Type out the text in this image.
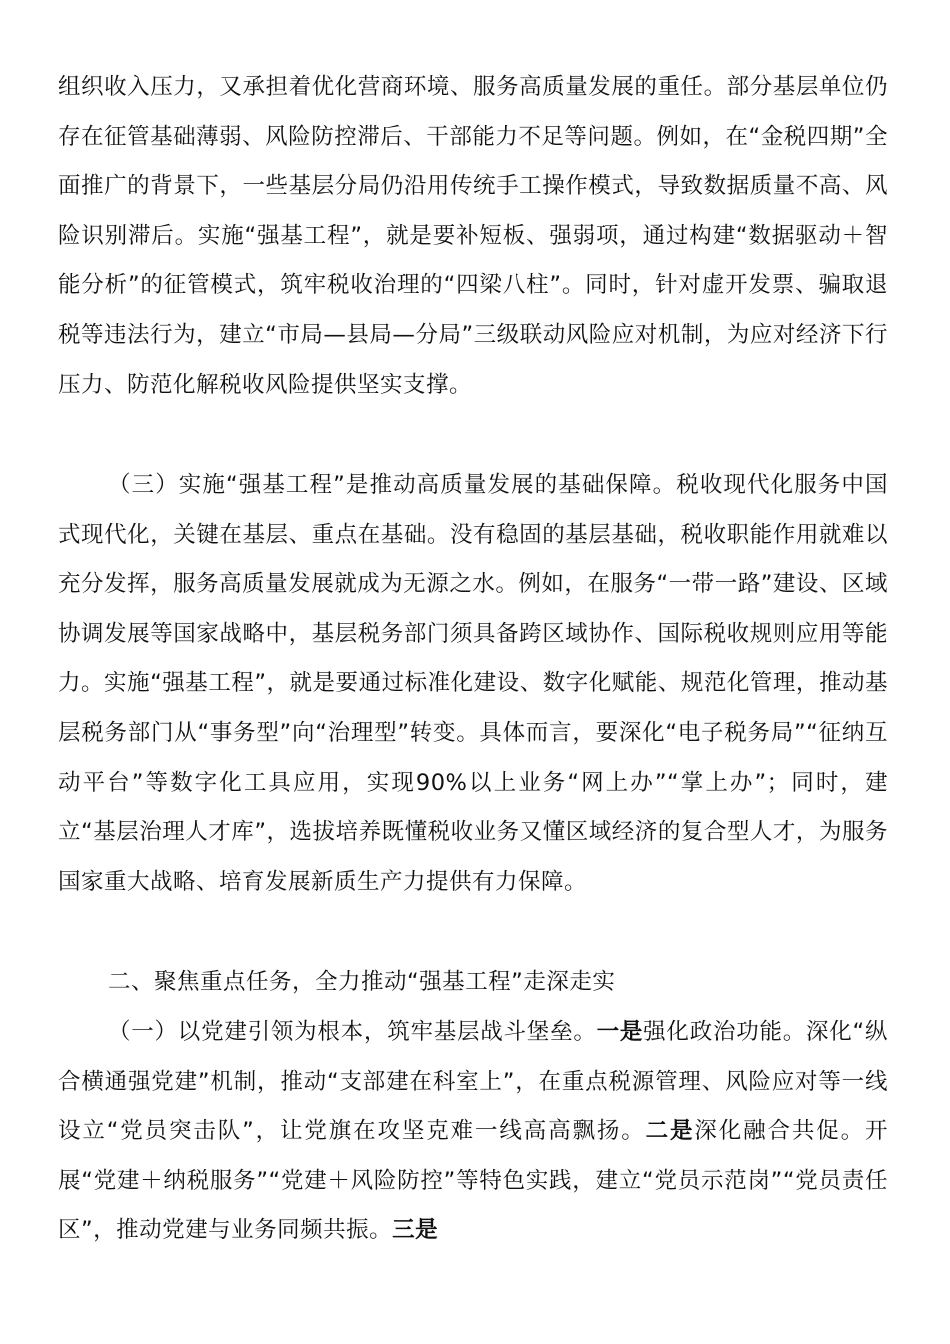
组织收入压力，又承担着优化营商环境、服务高质量发展的重任。部分基层单位仍存在征管基础薄弱、风险防控滞后、干部能力不足等问题。例如，在“金税四期”全面推广的背景下，一些基层分局仍沿用传统手工操作模式，导致数据质量不高、风险识别滞后。实施“强基工程”，就是要补短板、强弱项，通过构建“数据驱动＋智能分析”的征管模式，筑牢税收治理的“四梁八柱”。同时，针对虚开发票、骗取退税等违法行为，建立“市局—县局—分局”三级联动风险应对机制，为应对经济下行压力、防范化解税收风险提供坚实支撑。

（三）实施“强基工程”是推动高质量发展的基础保障。税收现代化服务中国式现代化，关键在基层、重点在基础。没有稳固的基层基础，税收职能作用就难以充分发挥，服务高质量发展就成为无源之水。例如，在服务“一带一路”建设、区域协调发展等国家战略中，基层税务部门须具备跨区域协作、国际税收规则应用等能力。实施“强基工程”，就是要通过标准化建设、数字化赋能、规范化管理，推动基层税务部门从“事务型”向“治理型”转变。具体而言，要深化“电子税务局”“征纳互动平台”等数字化工具应用，实现90%以上业务“网上办”“掌上办”；同时，建立“基层治理人才库”，选拔培养既懂税收业务又懂区域经济的复合型人才，为服务国家重大战略、培育发展新质生产力提供有力保障。

二、聚焦重点任务，全力推动“强基工程”走深走实

（一）以党建引领为根本，筑牢基层战斗堡垒。一是强化政治功能。深化“纵合横通强党建”机制，推动“支部建在科室上”，在重点税源管理、风险应对等一线设立“党员突击队”，让党旗在攻坚克难一线高高飘扬。二是深化融合共促。开展“党建＋纳税服务”“党建＋风险防控”等特色实践，建立“党员示范岗”“党员责任区”，推动党建与业务同频共振。三是
